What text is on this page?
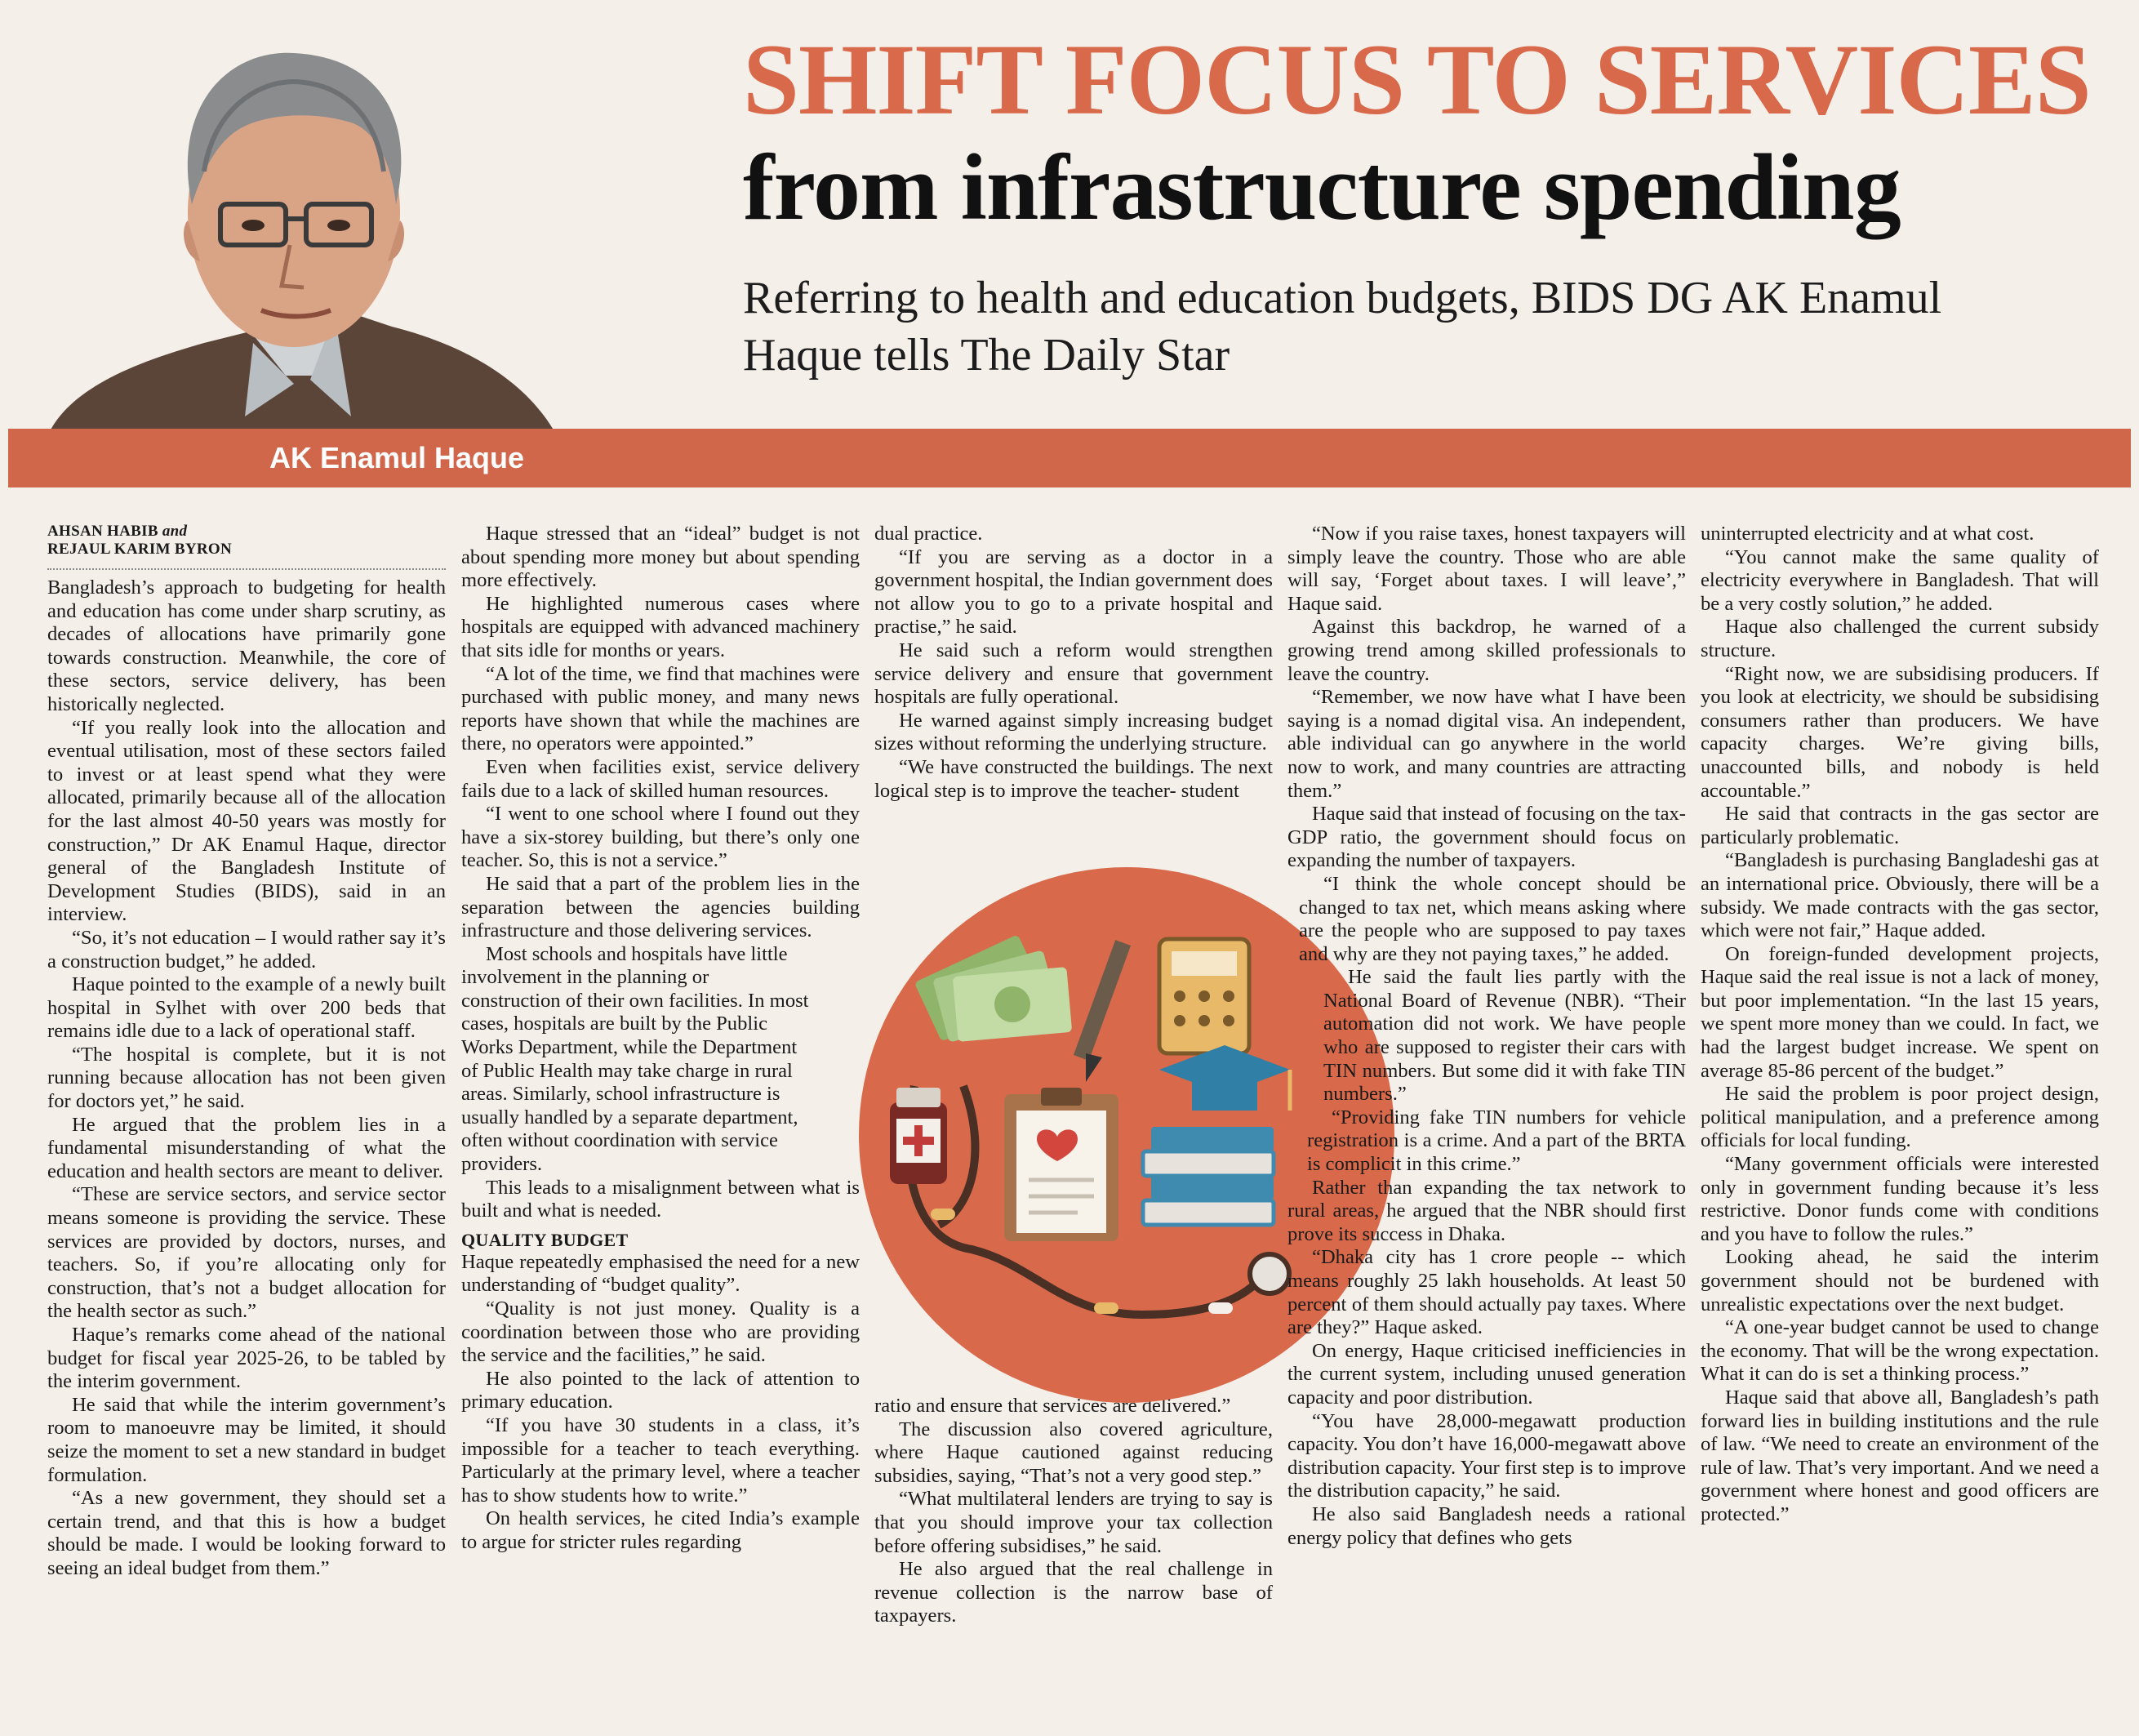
SHIFT FOCUS TO SERVICES
from infrastructure spending

Referring to health and education budgets, BIDS DG AK Enamul Haque tells The Daily Star

AK Enamul Haque
AHSAN HABIB and
REJAUL KARIM BYRON

Bangladesh’s approach to budgeting for health and education has come under sharp scrutiny, as decades of allocations have primarily gone towards construction. Meanwhile, the core of these sectors, service delivery, has been historically neglected.

“If you really look into the allocation and eventual utilisation, most of these sectors failed to invest or at least spend what they were allocated, primarily because all of the allocation for the last almost 40-50 years was mostly for construction,” Dr AK Enamul Haque, director general of the Bangladesh Institute of Development Studies (BIDS), said in an interview.

“So, it’s not education – I would rather say it’s a construction budget,” he added.

Haque pointed to the example of a newly built hospital in Sylhet with over 200 beds that remains idle due to a lack of operational staff.

“The hospital is complete, but it is not running because allocation has not been given for doctors yet,” he said.

He argued that the problem lies in a fundamental misunderstanding of what the education and health sectors are meant to deliver.

“These are service sectors, and service sector means someone is providing the service. These services are provided by doctors, nurses, and teachers. So, if you’re allocating only for construction, that’s not a budget allocation for the health sector as such.”

Haque’s remarks come ahead of the national budget for fiscal year 2025-26, to be tabled by the interim government.

He said that while the interim government’s room to manoeuvre may be limited, it should seize the moment to set a new standard in budget formulation.

“As a new government, they should set a certain trend, and that this is how a budget should be made. I would be looking forward to seeing an ideal budget from them.”

Haque stressed that an “ideal” budget is not about spending more money but about spending more effectively.

He highlighted numerous cases where hospitals are equipped with advanced machinery that sits idle for months or years.

“A lot of the time, we find that machines were purchased with public money, and many news reports have shown that while the machines are there, no operators were appointed.”

Even when facilities exist, service delivery fails due to a lack of skilled human resources.

“I went to one school where I found out they have a six-storey building, but there’s only one teacher. So, this is not a service.”

He said that a part of the problem lies in the separation between the agencies building infrastructure and those delivering services.

Most schools and hospitals have little involvement in the planning or construction of their own facilities. In most cases, hospitals are built by the Public Works Department, while the Department of Public Health may take charge in rural areas. Similarly, school infrastructure is usually handled by a separate department, often without coordination with service providers.

This leads to a misalignment between what is built and what is needed.

QUALITY BUDGET

Haque repeatedly emphasised the need for a new understanding of “budget quality”.

“Quality is not just money. Quality is a coordination between those who are providing the service and the facilities,” he said.

He also pointed to the lack of attention to primary education.

“If you have 30 students in a class, it’s impossible for a teacher to teach everything. Particularly at the primary level, where a teacher has to show students how to write.”

On health services, he cited India’s example to argue for stricter rules regarding

dual practice.

“If you are serving as a doctor in a government hospital, the Indian government does not allow you to go to a private hospital and practise,” he said.

He said such a reform would strengthen service delivery and ensure that government hospitals are fully operational.

He warned against simply increasing budget sizes without reforming the underlying structure.

“We have constructed the buildings. The next logical step is to improve the teacher- student

ratio and ensure that services are delivered.”

The discussion also covered agriculture, where Haque cautioned against reducing subsidies, saying, “That’s not a very good step.”

“What multilateral lenders are trying to say is that you should improve your tax collection before offering subsidises,” he said.

He also argued that the real challenge in revenue collection is the narrow base of taxpayers.

“Now if you raise taxes, honest taxpayers will simply leave the country. Those who are able will say, ‘Forget about taxes. I will leave’,” Haque said.

Against this backdrop, he warned of a growing trend among skilled professionals to leave the country.

“Remember, we now have what I have been saying is a nomad digital visa. An independent, able individual can go anywhere in the world now to work, and many countries are attracting them.”

Haque said that instead of focusing on the tax-GDP ratio, the government should focus on expanding the number of taxpayers.

“I think the whole concept should be changed to tax net, which means asking where are the people who are supposed to pay taxes and why are they not paying taxes,” he added.

He said the fault lies partly with the National Board of Revenue (NBR). “Their automation did not work. We have people who are supposed to register their cars with TIN numbers. But some did it with fake TIN numbers.”

“Providing fake TIN numbers for vehicle registration is a crime. And a part of the BRTA is complicit in this crime.”

Rather than expanding the tax network to rural areas, he argued that the NBR should first prove its success in Dhaka.

“Dhaka city has 1 crore people -- which means roughly 25 lakh households. At least 50 percent of them should actually pay taxes. Where are they?” Haque asked.

On energy, Haque criticised inefficiencies in the current system, including unused generation capacity and poor distribution.

“You have 28,000-megawatt production capacity. You don’t have 16,000-megawatt above distribution capacity. Your first step is to improve the distribution capacity,” he said.

He also said Bangladesh needs a rational energy policy that defines who gets

uninterrupted electricity and at what cost.

“You cannot make the same quality of electricity everywhere in Bangladesh. That will be a very costly solution,” he added.

Haque also challenged the current subsidy structure.

“Right now, we are subsidising producers. If you look at electricity, we should be subsidising consumers rather than producers. We have capacity charges. We’re giving bills, unaccounted bills, and nobody is held accountable.”

He said that contracts in the gas sector are particularly problematic.

“Bangladesh is purchasing Bangladeshi gas at an international price. Obviously, there will be a subsidy. We made contracts with the gas sector, which were not fair,” Haque added.

On foreign-funded development projects, Haque said the real issue is not a lack of money, but poor implementation. “In the last 15 years, we spent more money than we could. In fact, we had the largest budget increase. We spent on average 85-86 percent of the budget.”

He said the problem is poor project design, political manipulation, and a preference among officials for local funding.

“Many government officials were interested only in government funding because it’s less restrictive. Donor funds come with conditions and you have to follow the rules.”

Looking ahead, he said the interim government should not be burdened with unrealistic expectations over the next budget.

“A one-year budget cannot be used to change the economy. That will be the wrong expectation. What it can do is set a thinking process.”

Haque said that above all, Bangladesh’s path forward lies in building institutions and the rule of law. “We need to create an environment of the rule of law. That’s very important. And we need a government where honest and good officers are protected.”
